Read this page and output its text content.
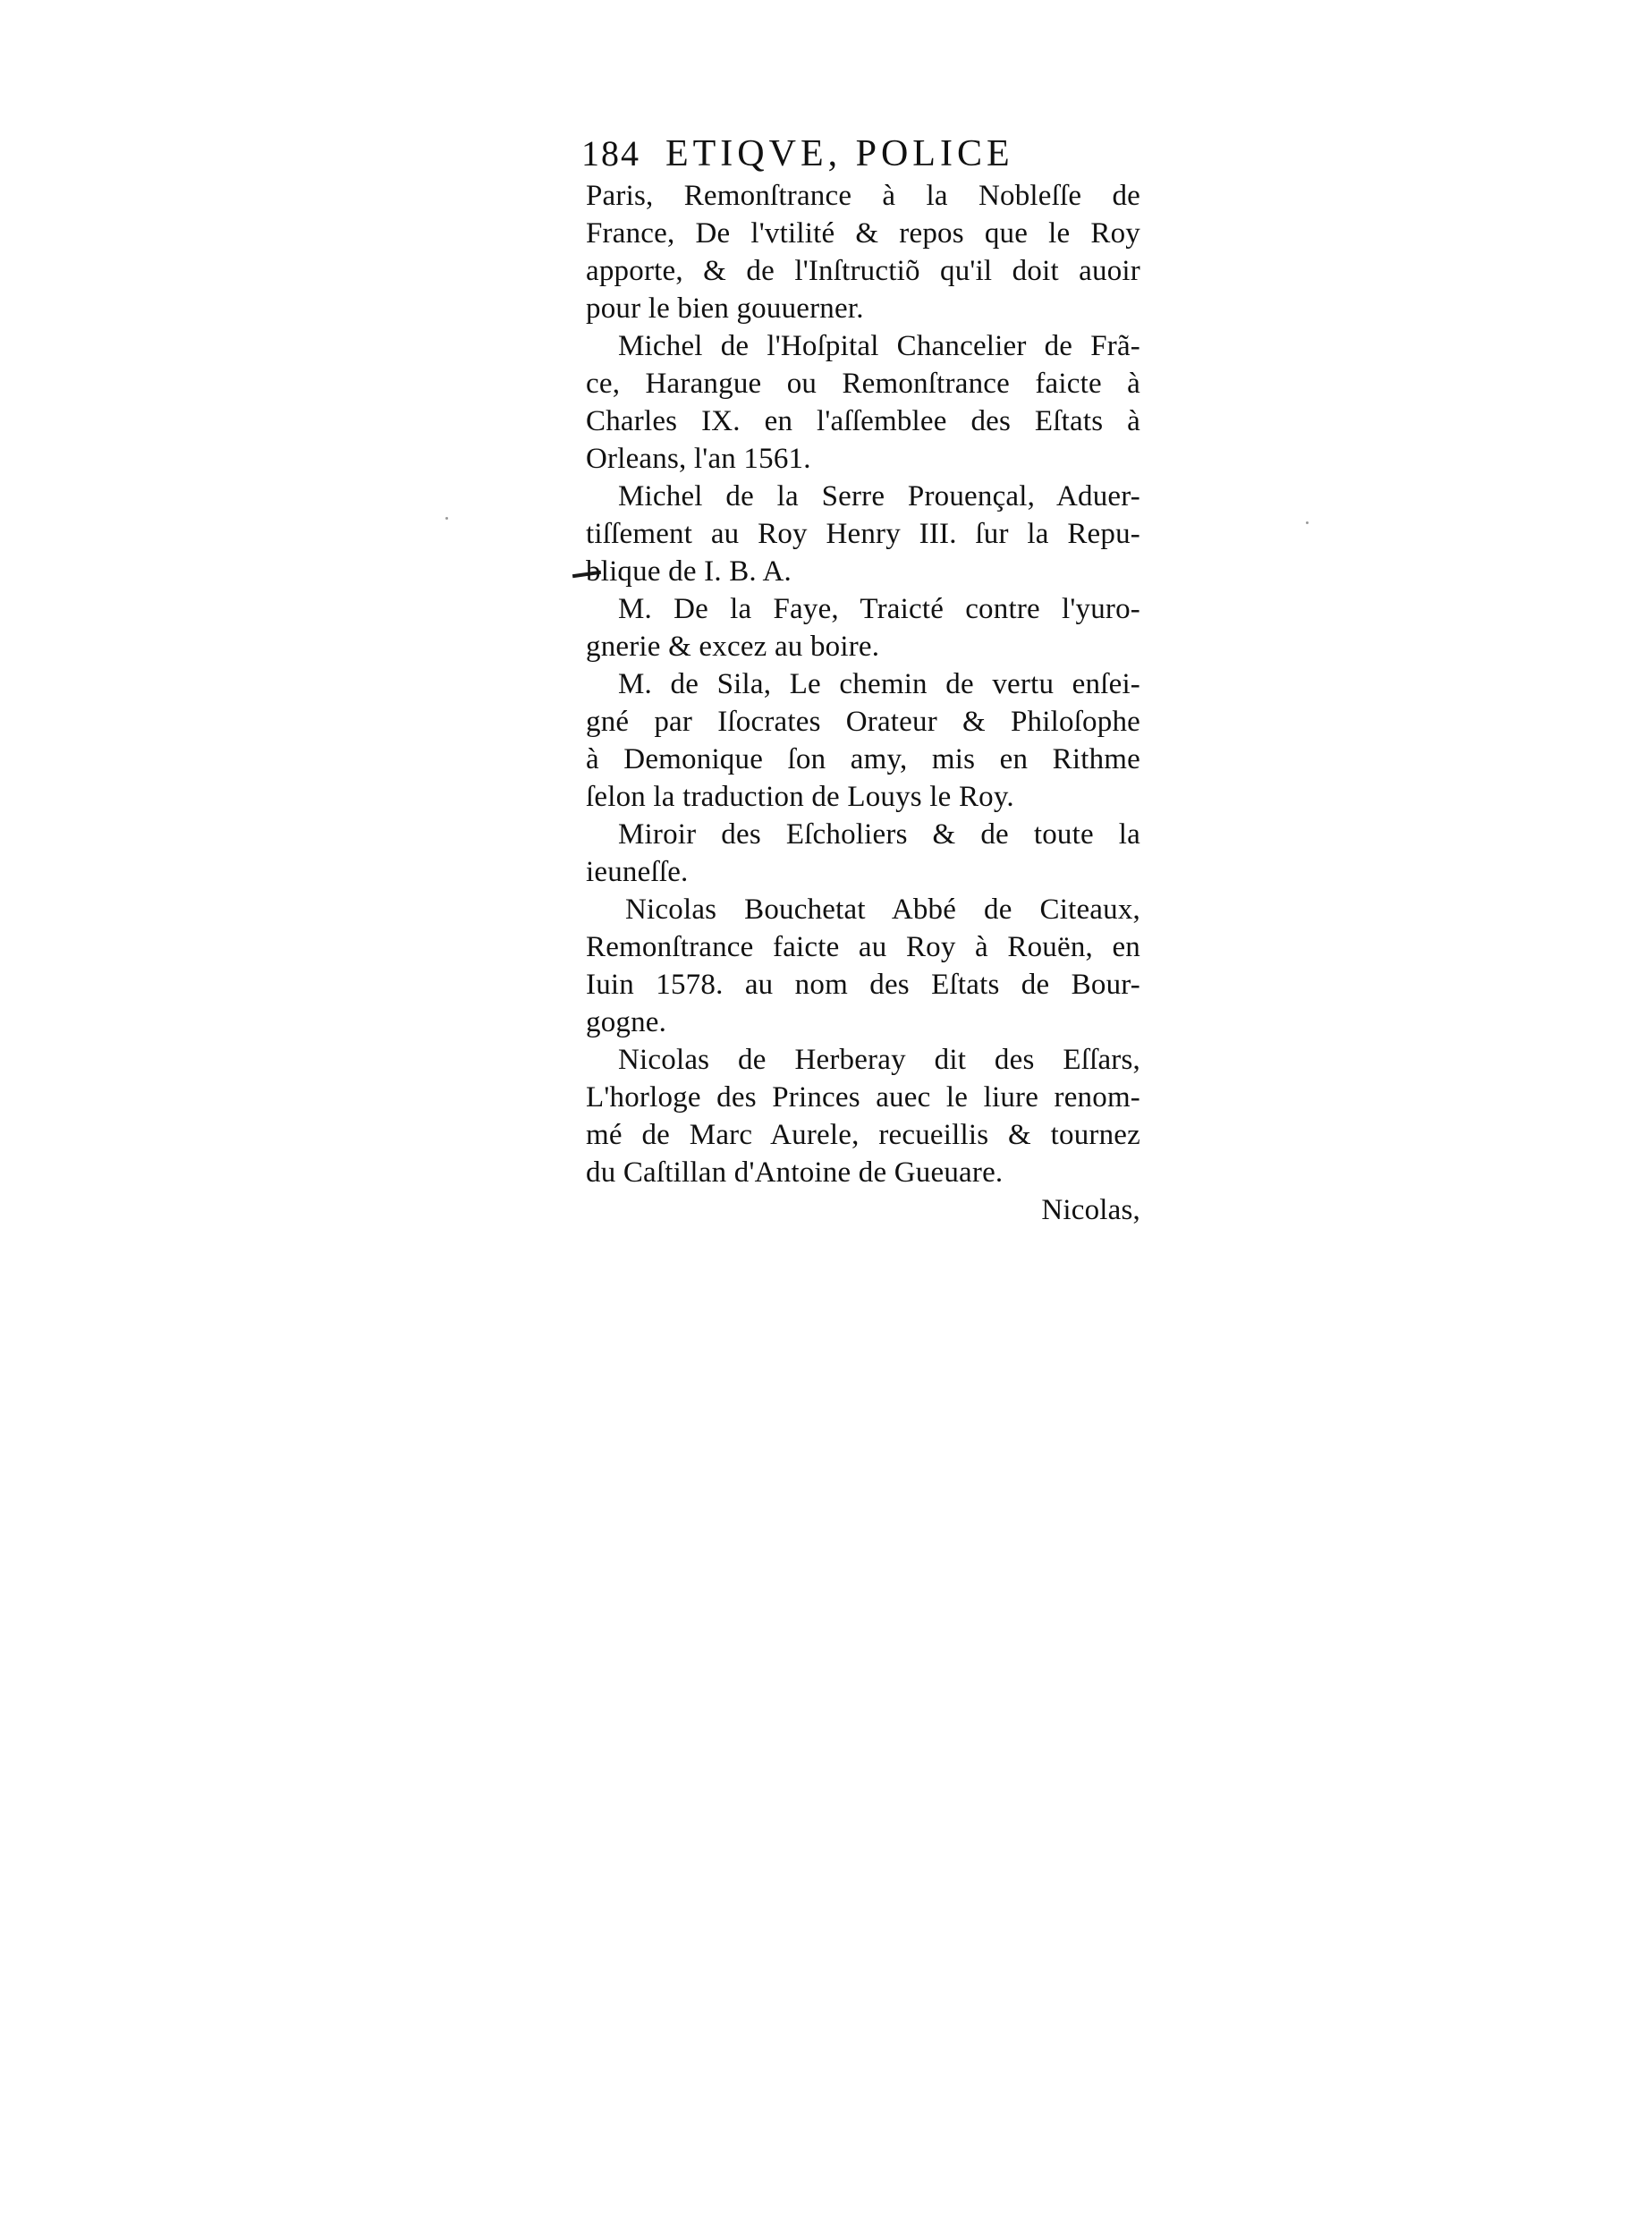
184 ETIQVE, POLICE
Paris, Remonſtrance à la Nobleſſe de
France, De l'vtilité & repos que le Roy
apporte, & de l'Inſtructiõ qu'il doit auoir
pour le bien gouuerner.
Michel de l'Hoſpital Chancelier de Frã-
ce, Harangue ou Remonſtrance faicte à
Charles IX. en l'aſſemblee des Eſtats à
Orleans, l'an 1561.
Michel de la Serre Prouençal, Aduer-
tiſſement au Roy Henry III. ſur la Repu-
blique de I. B. A.
M. De la Faye, Traicté contre l'yuro-
gnerie & excez au boire.
M. de Sila, Le chemin de vertu enſei-
gné par Iſocrates Orateur & Philoſophe
à Demonique ſon amy, mis en Rithme
ſelon la traduction de Louys le Roy.
Miroir des Eſcholiers & de toute la
ieuneſſe.
Nicolas Bouchetat Abbé de Citeaux,
Remonſtrance faicte au Roy à Rouën, en
Iuin 1578. au nom des Eſtats de Bour-
gogne.
Nicolas de Herberay dit des Eſſars,
L'horloge des Princes auec le liure renom-
mé de Marc Aurele, recueillis & tournez
du Caſtillan d'Antoine de Gueuare.
Nicolas,
